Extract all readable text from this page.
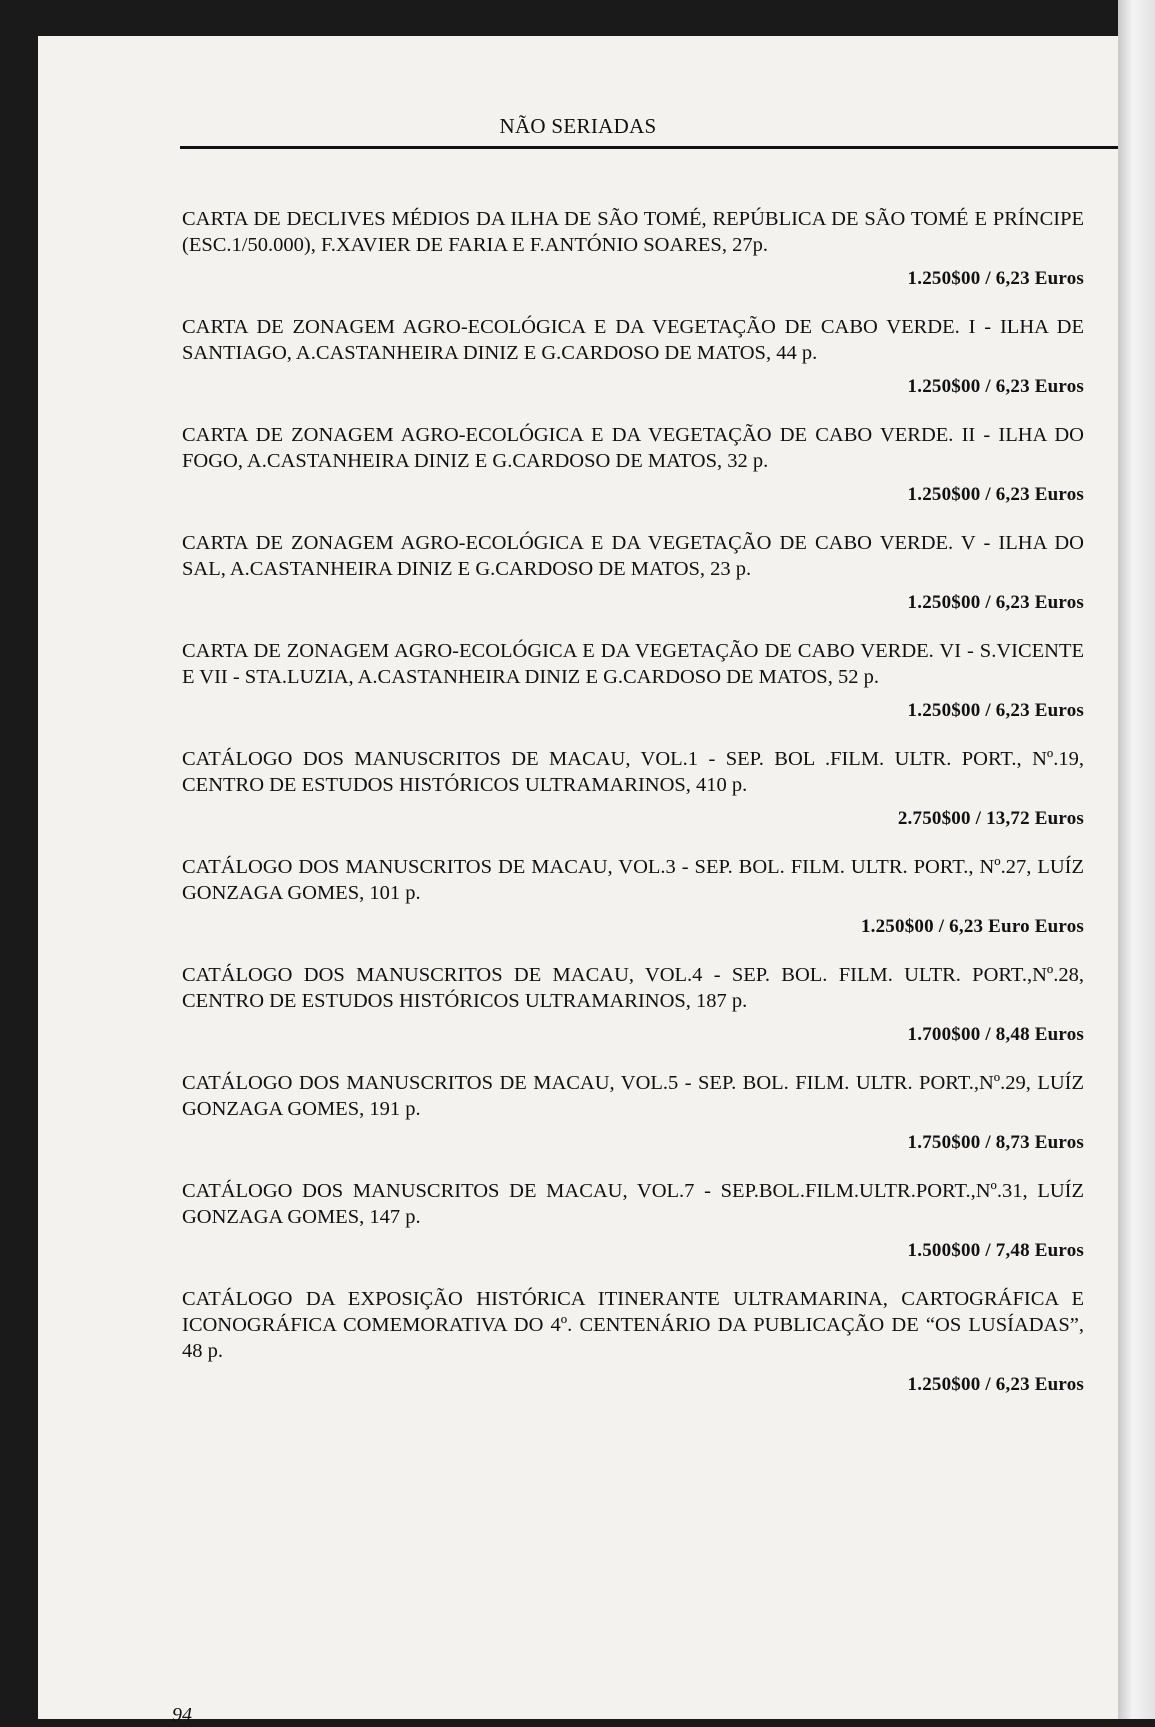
NÃO SERIADAS
CARTA DE DECLIVES MÉDIOS DA ILHA DE SÃO TOMÉ, REPÚBLICA DE SÃO TOMÉ E PRÍNCIPE (ESC.1/50.000), F.XAVIER DE FARIA E F.ANTÓNIO SOARES, 27p.
1.250$00 / 6,23 Euros
CARTA DE ZONAGEM AGRO-ECOLÓGICA E DA VEGETAÇÃO DE CABO VERDE. I - ILHA DE SANTIAGO, A.CASTANHEIRA DINIZ E G.CARDOSO DE MATOS, 44 p.
1.250$00 / 6,23 Euros
CARTA DE ZONAGEM AGRO-ECOLÓGICA E DA VEGETAÇÃO DE CABO VERDE. II - ILHA DO FOGO, A.CASTANHEIRA DINIZ E G.CARDOSO DE MATOS, 32 p.
1.250$00 / 6,23 Euros
CARTA DE ZONAGEM AGRO-ECOLÓGICA E DA VEGETAÇÃO DE CABO VERDE. V - ILHA DO SAL, A.CASTANHEIRA DINIZ E G.CARDOSO DE MATOS, 23 p.
1.250$00 / 6,23 Euros
CARTA DE ZONAGEM AGRO-ECOLÓGICA E DA VEGETAÇÃO DE CABO VERDE. VI - S.VICENTE E VII - STA.LUZIA, A.CASTANHEIRA DINIZ E G.CARDOSO DE MATOS, 52 p.
1.250$00 / 6,23 Euros
CATÁLOGO DOS MANUSCRITOS DE MACAU, VOL.1 - SEP. BOL .FILM. ULTR. PORT., Nº.19, CENTRO DE ESTUDOS HISTÓRICOS ULTRAMARINOS, 410 p.
2.750$00 / 13,72 Euros
CATÁLOGO DOS MANUSCRITOS DE MACAU, VOL.3 - SEP. BOL. FILM. ULTR. PORT., Nº.27, LUÍZ GONZAGA GOMES, 101 p.
1.250$00 / 6,23 Euro Euros
CATÁLOGO DOS MANUSCRITOS DE MACAU, VOL.4 - SEP. BOL. FILM. ULTR. PORT.,Nº.28, CENTRO DE ESTUDOS HISTÓRICOS ULTRAMARINOS, 187 p.
1.700$00 / 8,48 Euros
CATÁLOGO DOS MANUSCRITOS DE MACAU, VOL.5 - SEP. BOL. FILM. ULTR. PORT.,Nº.29, LUÍZ GONZAGA GOMES, 191 p.
1.750$00 / 8,73 Euros
CATÁLOGO DOS MANUSCRITOS DE MACAU, VOL.7 - SEP.BOL.FILM.ULTR.PORT.,Nº.31, LUÍZ GONZAGA GOMES, 147 p.
1.500$00 / 7,48 Euros
CATÁLOGO DA EXPOSIÇÃO HISTÓRICA ITINERANTE ULTRAMARINA, CARTOGRÁFICA E ICONOGRÁFICA COMEMORATIVA DO 4º. CENTENÁRIO DA PUBLICAÇÃO DE “OS LUSÍADAS”, 48 p.
1.250$00 / 6,23 Euros
94
